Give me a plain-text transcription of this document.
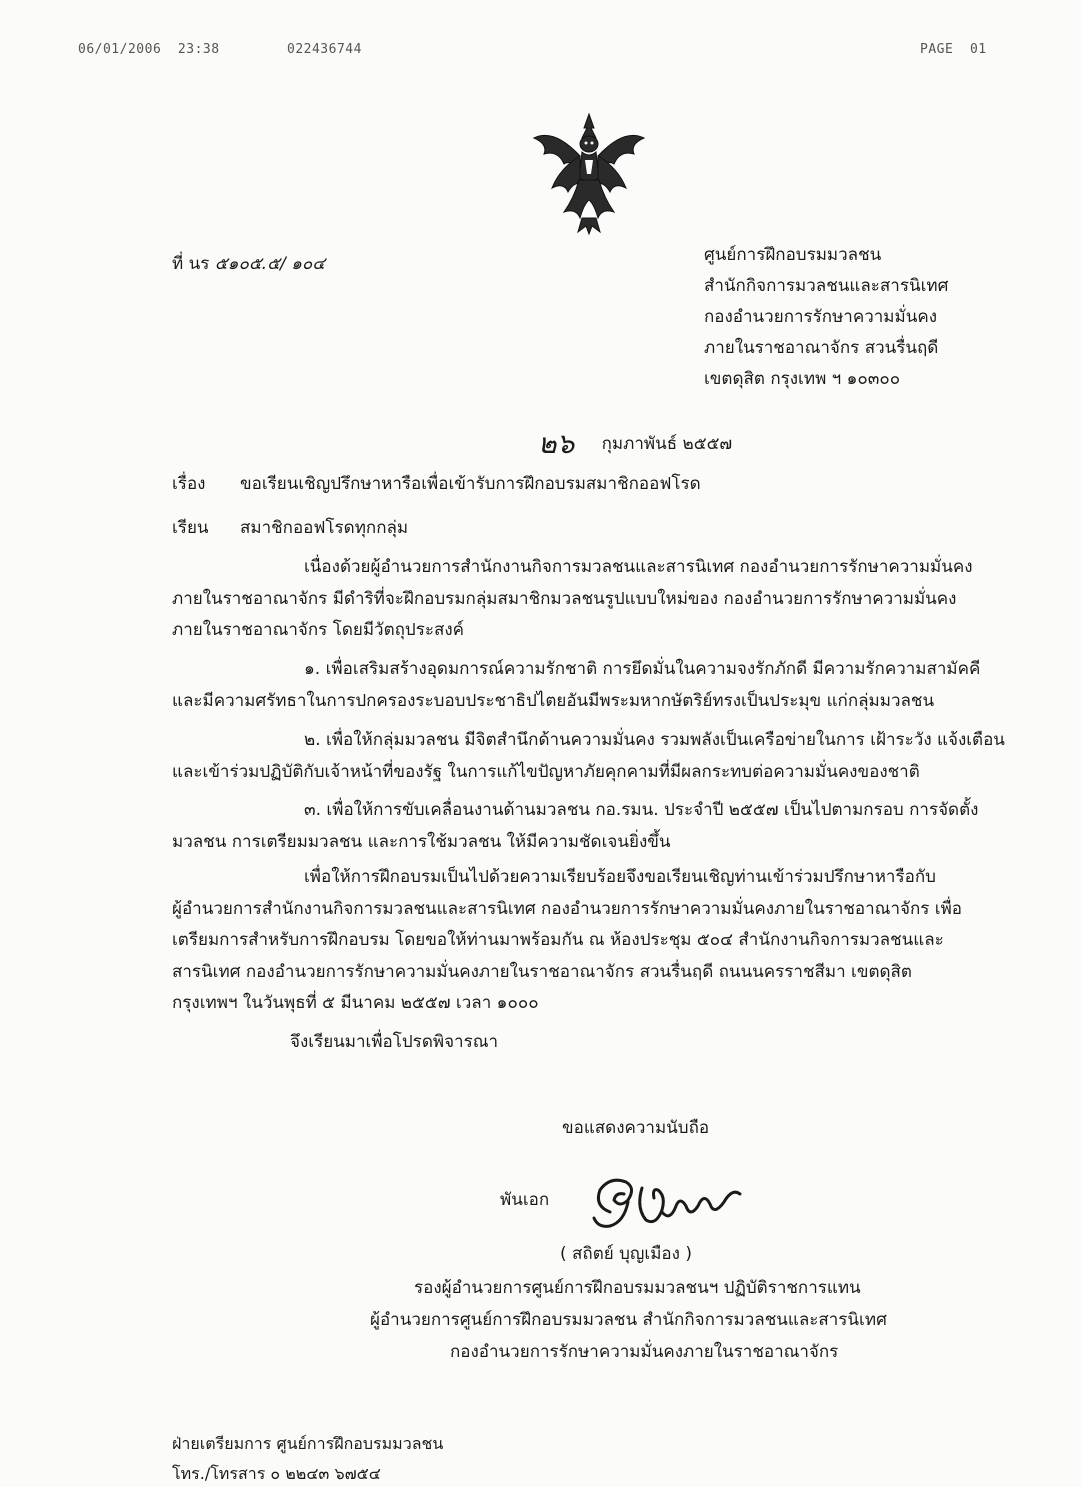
06/01/2006  23:38	022436744	PAGE  01
ที่ นร ๕๑๐๕.๕/ ๑๐๔	ศูนย์การฝึกอบรมมวลชน
สำนักกิจการมวลชนและสารนิเทศ
กองอำนวยการรักษาความมั่นคง
ภายในราชอาณาจักร สวนรื่นฤดี
เขตดุสิต กรุงเทพ ฯ ๑๐๓๐๐
๒๖ กุมภาพันธ์ ๒๕๕๗
เรื่อง ขอเรียนเชิญปรึกษาหารือเพื่อเข้ารับการฝึกอบรมสมาชิกออฟโรด
เรียน สมาชิกออฟโรดทุกกลุ่ม

เนื่องด้วยผู้อำนวยการสำนักงานกิจการมวลชนและสารนิเทศ กองอำนวยการรักษาความมั่นคง

ภายในราชอาณาจักร มีดำริที่จะฝึกอบรมกลุ่มสมาชิกมวลชนรูปแบบใหม่ของ กองอำนวยการรักษาความมั่นคง

ภายในราชอาณาจักร โดยมีวัตถุประสงค์

๑. เพื่อเสริมสร้างอุดมการณ์ความรักชาติ การยึดมั่นในความจงรักภักดี มีความรักความสามัคคี

และมีความศรัทธาในการปกครองระบอบประชาธิปไตยอันมีพระมหากษัตริย์ทรงเป็นประมุข แก่กลุ่มมวลชน

๒. เพื่อให้กลุ่มมวลชน มีจิตสำนึกด้านความมั่นคง รวมพลังเป็นเครือข่ายในการ เฝ้าระวัง แจ้งเตือน

และเข้าร่วมปฏิบัติกับเจ้าหน้าที่ของรัฐ ในการแก้ไขปัญหาภัยคุกคามที่มีผลกระทบต่อความมั่นคงของชาติ

๓. เพื่อให้การขับเคลื่อนงานด้านมวลชน กอ.รมน. ประจำปี ๒๕๕๗ เป็นไปตามกรอบ การจัดตั้ง

มวลชน การเตรียมมวลชน และการใช้มวลชน ให้มีความชัดเจนยิ่งขึ้น

เพื่อให้การฝึกอบรมเป็นไปด้วยความเรียบร้อยจึงขอเรียนเชิญท่านเข้าร่วมปรึกษาหารือกับ

ผู้อำนวยการสำนักงานกิจการมวลชนและสารนิเทศ กองอำนวยการรักษาความมั่นคงภายในราชอาณาจักร เพื่อ

เตรียมการสำหรับการฝึกอบรม โดยขอให้ท่านมาพร้อมกัน ณ ห้องประชุม ๕๐๔ สำนักงานกิจการมวลชนและ

สารนิเทศ กองอำนวยการรักษาความมั่นคงภายในราชอาณาจักร สวนรื่นฤดี ถนนนครราชสีมา เขตดุสิต

กรุงเทพฯ ในวันพุธที่ ๕ มีนาคม ๒๕๕๗ เวลา ๑๐๐๐

จึงเรียนมาเพื่อโปรดพิจารณา
ขอแสดงความนับถือ
พันเอก
( สถิตย์ บุญเมือง )
รองผู้อำนวยการศูนย์การฝึกอบรมมวลชนฯ ปฏิบัติราชการแทน
ผู้อำนวยการศูนย์การฝึกอบรมมวลชน สำนักกิจการมวลชนและสารนิเทศ
กองอำนวยการรักษาความมั่นคงภายในราชอาณาจักร
ฝ่ายเตรียมการ ศูนย์การฝึกอบรมมวลชน
โทร./โทรสาร ๐ ๒๒๔๓ ๖๗๕๔
